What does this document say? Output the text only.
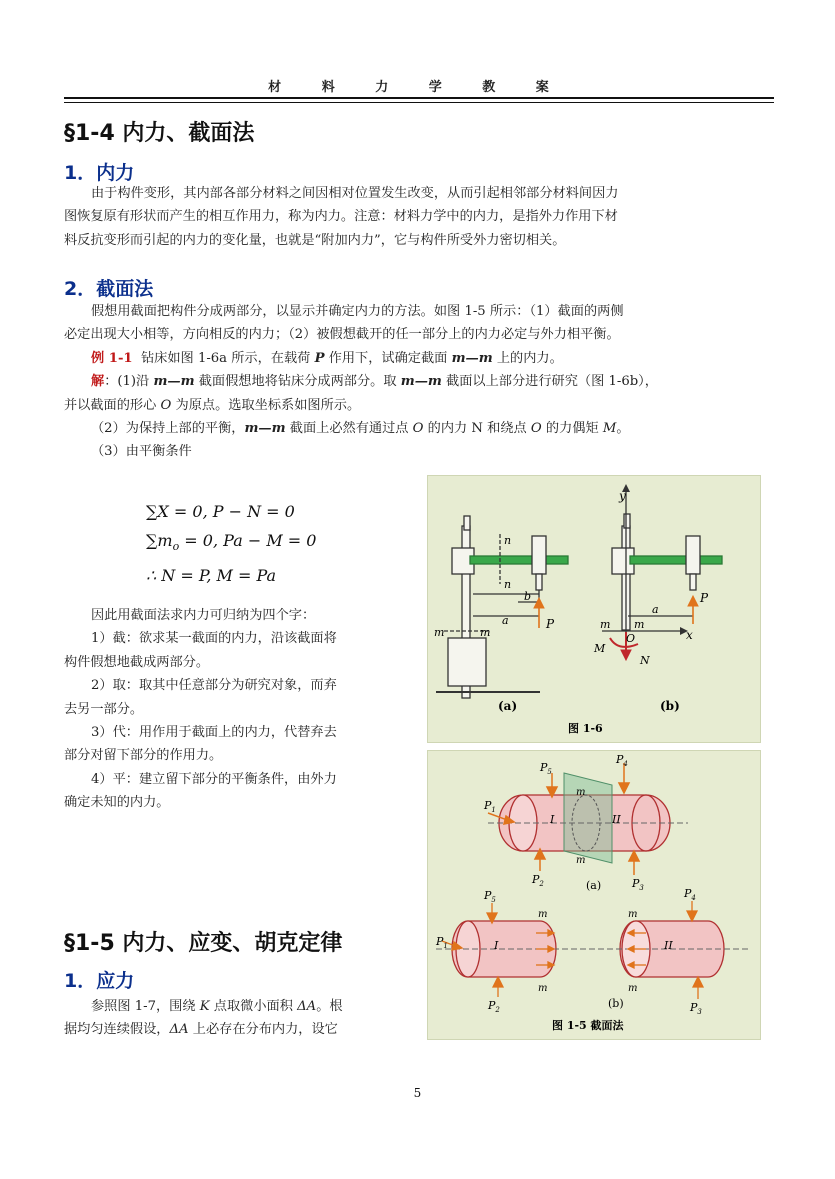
材 料 力 学 教 案
§1-4 内力、截面法
1．内力
由于构件变形，其内部各部分材料之间因相对位置发生改变，从而引起相邻部分材料间因力
图恢复原有形状而产生的相互作用力，称为内力。注意：材料力学中的内力，是指外力作用下材
料反抗变形而引起的内力的变化量，也就是“附加内力”，它与构件所受外力密切相关。
2．截面法
假想用截面把构件分成两部分，以显示并确定内力的方法。如图 1-5 所示：（1）截面的两侧
必定出现大小相等，方向相反的内力；（2）被假想截开的任一部分上的内力必定与外力相平衡。
例 1-1 钻床如图 1-6a 所示，在载荷 P 作用下，试确定截面 m—m 上的内力。
解：(1)沿 m—m 截面假想地将钻床分成两部分。取 m—m 截面以上部分进行研究（图 1-6b），
并以截面的形心 O 为原点。选取坐标系如图所示。
（2）为保持上部的平衡，m—m 截面上必然有通过点 O 的内力 N 和绕点 O 的力偶矩 M。
（3）由平衡条件
∑X = 0, P − N = 0
$\sum m_o = 0$, Pa − M = 0
∴ N = P, M = Pa
因此用截面法求内力可归纳为四个字：
1）截：欲求某一截面的内力，沿该截面将
构件假想地截成两部分。
2）取：取其中任意部分为研究对象，而弃
去另一部分。
3）代：用作用于截面上的内力，代替弃去
部分对留下部分的作用力。
4）平：建立留下部分的平衡条件，由外力
确定未知的内力。
§1-5 内力、应变、胡克定律
1．应力
参照图 1-7，围绕 K 点取微小面积 ΔA。根
据均匀连续假设，ΔA 上必存在分布内力，设它
n
n
b
a	P
m	m
(a)
y
x
a
P
m m
O
M
N
(b)
图 1-6
$P_1$
$P_5$
$P_4$
$P_2$	$P_3$
I	II
m
m
(a)
$P_1$
$P_5$
$P_2$
$P_4$
$P_3$
I	II
m
m
m
m
(b)
图 1-5 截面法
5
